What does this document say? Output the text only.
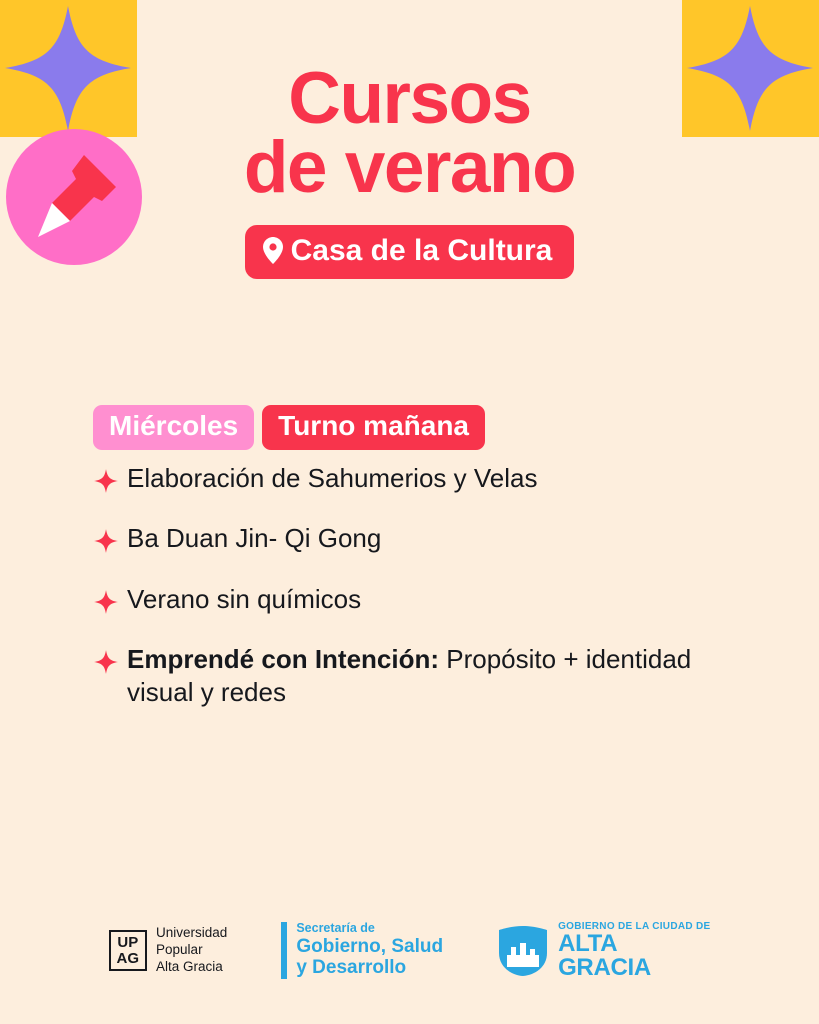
Cursos
de verano
Casa de la Cultura
Miércoles	Turno mañana
Elaboración de Sahumerios y Velas
Ba Duan Jin- Qi Gong
Verano sin químicos
Emprendé con Intención: Propósito + identidad visual y redes
UP
AG
Universidad
Popular
Alta Gracia
Secretaría de
Gobierno, Salud
y Desarrollo
GOBIERNO DE LA CIUDAD DE
ALTA
GRACIA
